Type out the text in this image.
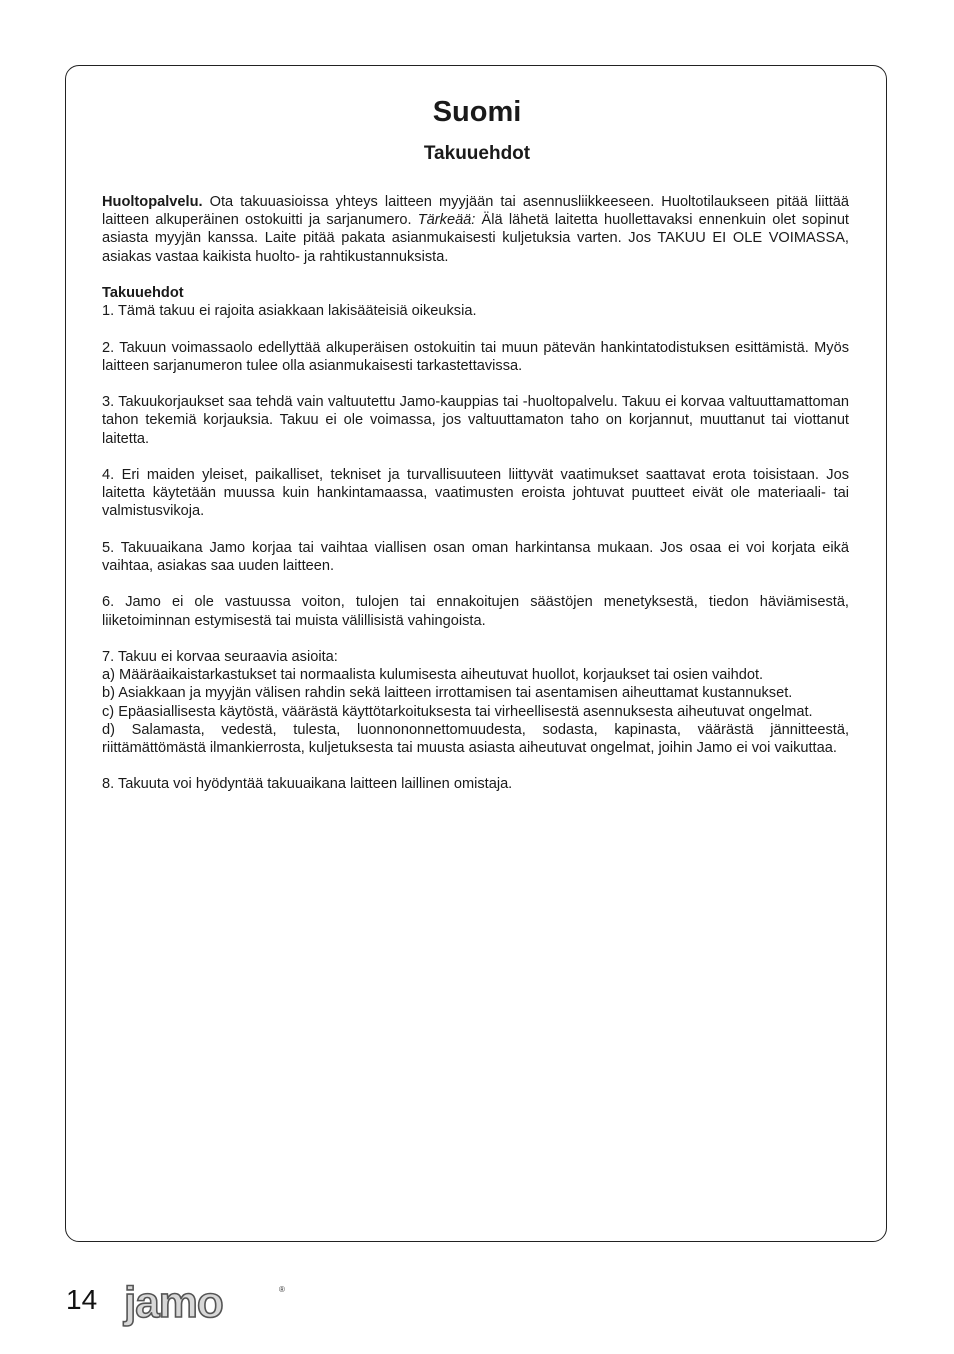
Suomi
Takuuehdot

Huoltopalvelu. Ota takuuasioissa yhteys laitteen myyjään tai asennusliikkeeseen. Huoltotilaukseen pitää liittää laitteen alkuperäinen ostokuitti ja sarjanumero. Tärkeää: Älä lähetä laitetta huollettavaksi ennenkuin olet sopinut asiasta myyjän kanssa. Laite pitää pakata asianmukaisesti kuljetuksia varten. Jos TAKUU EI OLE VOIMASSA, asiakas vastaa kaikista huolto- ja rahtikustannuksista.

Takuuehdot

1. Tämä takuu ei rajoita asiakkaan lakisääteisiä oikeuksia.

2. Takuun voimassaolo edellyttää alkuperäisen ostokuitin tai muun pätevän hankintatodistuksen esittämistä. Myös laitteen sarjanumeron tulee olla asianmukaisesti tarkastettavissa.

3. Takuukorjaukset saa tehdä vain valtuutettu Jamo-kauppias tai -huoltopalvelu. Takuu ei korvaa valtuuttamattoman tahon tekemiä korjauksia. Takuu ei ole voimassa, jos valtuuttamaton taho on korjannut, muuttanut tai viottanut laitetta.

4. Eri maiden yleiset, paikalliset, tekniset ja turvallisuuteen liittyvät vaatimukset saattavat erota toisistaan. Jos laitetta käytetään muussa kuin hankintamaassa, vaatimusten eroista johtuvat puutteet eivät ole materiaali- tai valmistusvikoja.

5. Takuuaikana Jamo korjaa tai vaihtaa viallisen osan oman harkintansa mukaan. Jos osaa ei voi korjata eikä vaihtaa, asiakas saa uuden laitteen.

6. Jamo ei ole vastuussa voiton, tulojen tai ennakoitujen säästöjen menetyksestä, tiedon häviämisestä, liiketoiminnan estymisestä tai muista välillisistä vahingoista.

7. Takuu ei korvaa seuraavia asioita:

a) Määräaikaistarkastukset tai normaalista kulumisesta aiheutuvat huollot, korjaukset tai osien vaihdot.

b) Asiakkaan ja myyjän välisen rahdin sekä laitteen irrottamisen tai asentamisen aiheuttamat kustannukset.

c) Epäasiallisesta käytöstä, väärästä käyttötarkoituksesta tai virheellisestä asennuksesta aiheutuvat ongelmat.

d) Salamasta, vedestä, tulesta, luonnononnettomuudesta, sodasta, kapinasta, väärästä jännitteestä, riittämättömästä ilmankierrosta, kuljetuksesta tai muusta asiasta aiheutuvat ongelmat, joihin Jamo ei voi vaikuttaa.

8. Takuuta voi hyödyntää takuuaikana laitteen laillinen omistaja.

14 jamo	®
